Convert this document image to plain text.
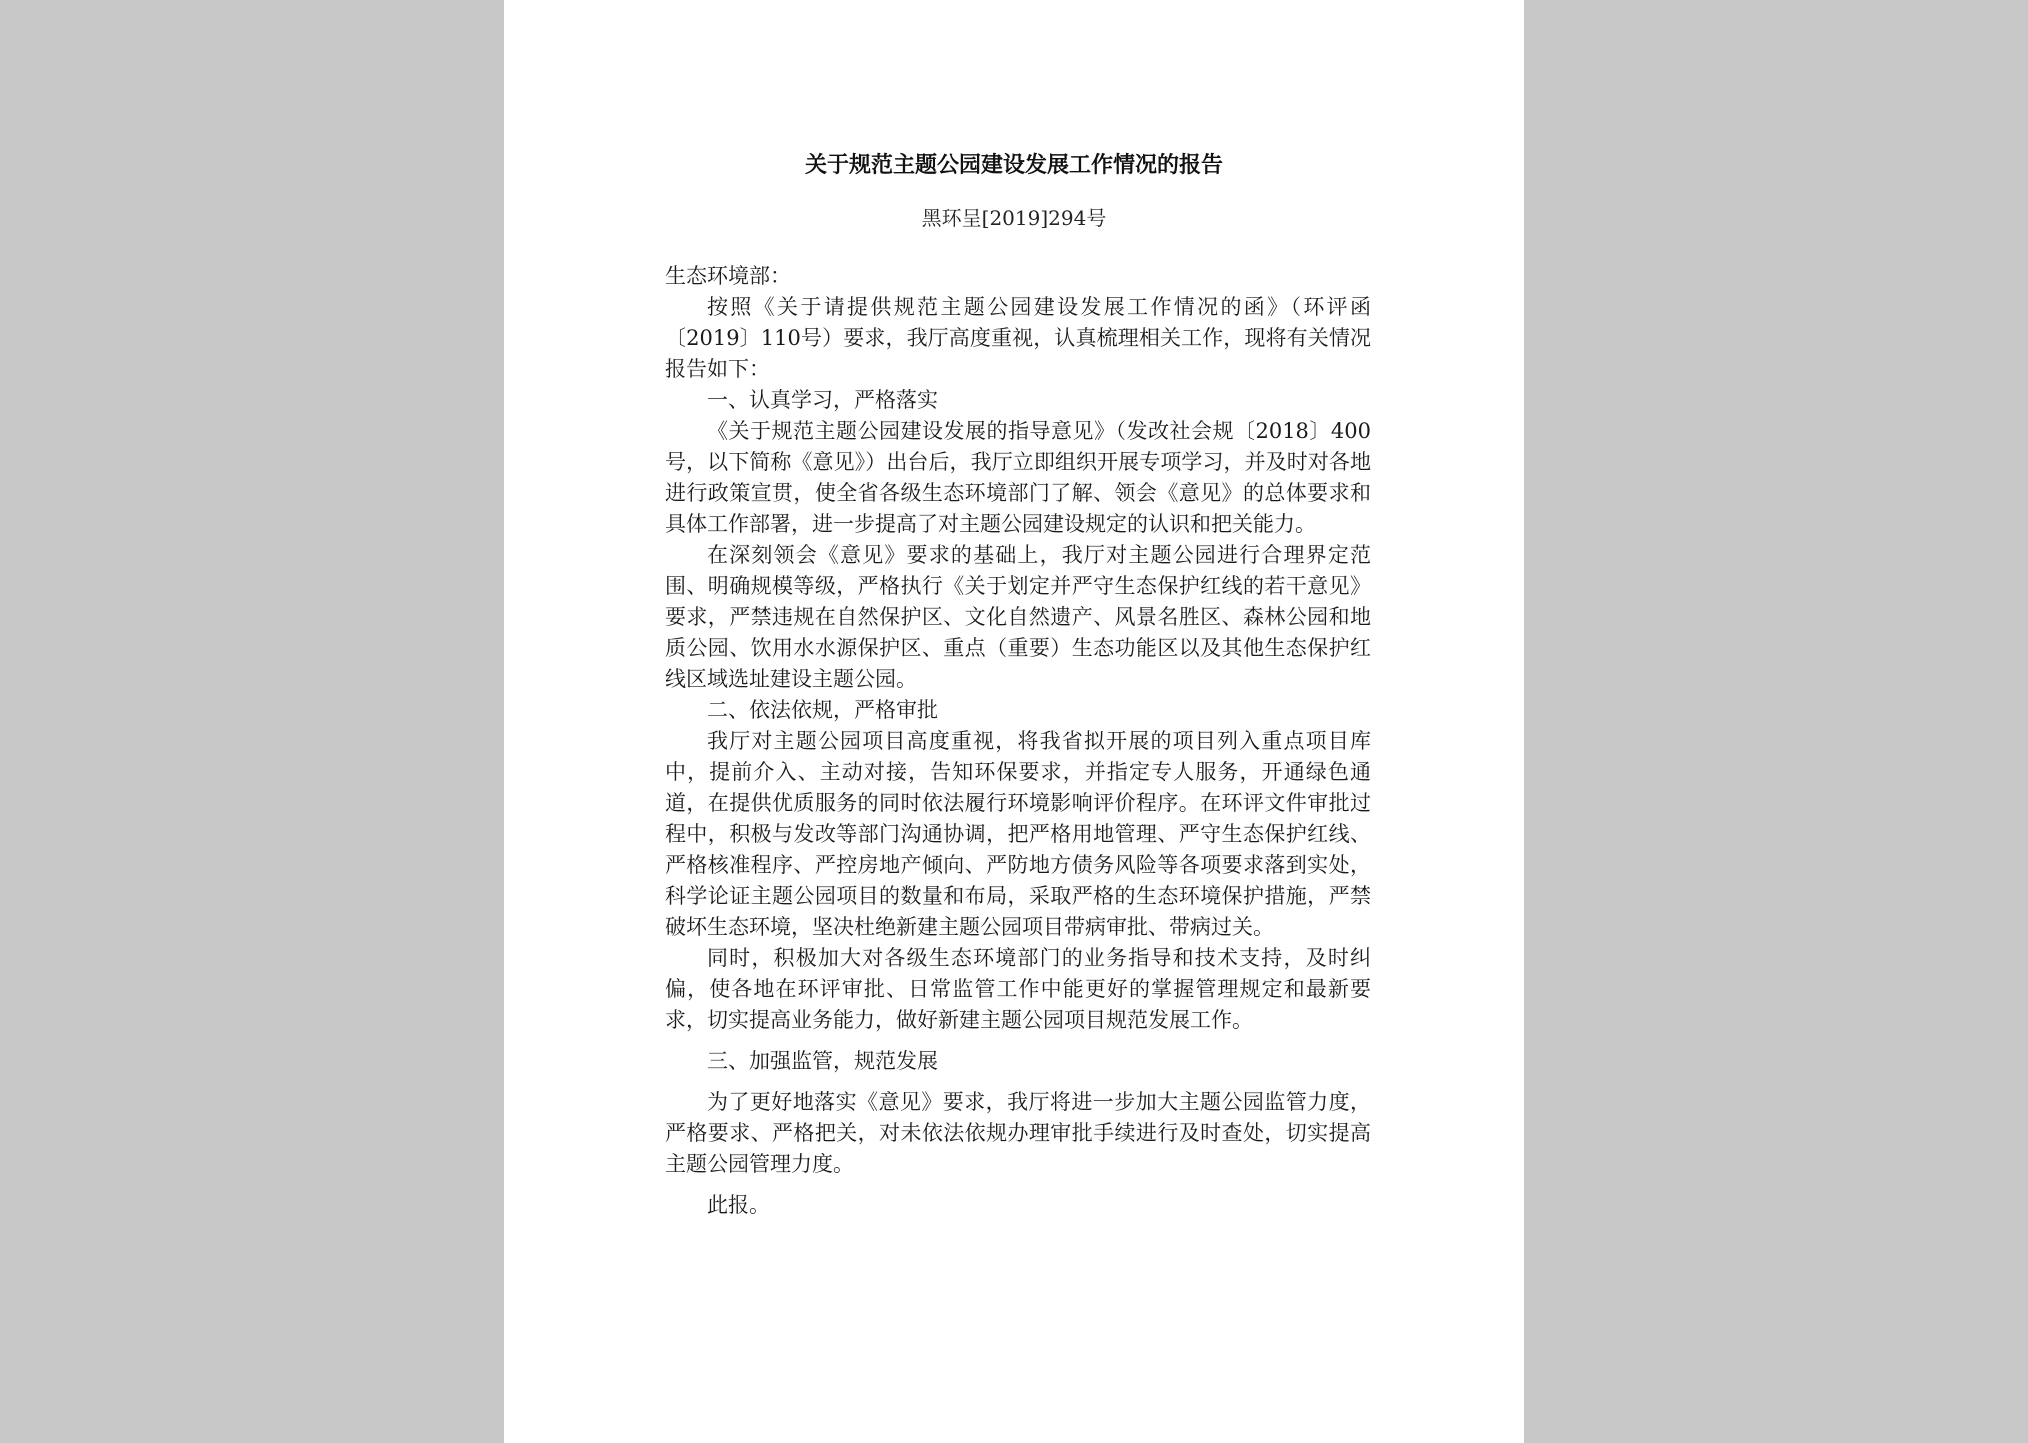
关于规范主题公园建设发展工作情况的报告
黑环呈[2019]294号

生态环境部：

按照《关于请提供规范主题公园建设发展工作情况的函》（环评函〔2019〕110号）要求，我厅高度重视，认真梳理相关工作，现将有关情况报告如下：

一、认真学习，严格落实

《关于规范主题公园建设发展的指导意见》（发改社会规〔2018〕400号，以下简称《意见》）出台后，我厅立即组织开展专项学习，并及时对各地进行政策宣贯，使全省各级生态环境部门了解、领会《意见》的总体要求和具体工作部署，进一步提高了对主题公园建设规定的认识和把关能力。

在深刻领会《意见》要求的基础上，我厅对主题公园进行合理界定范围、明确规模等级，严格执行《关于划定并严守生态保护红线的若干意见》要求，严禁违规在自然保护区、文化自然遗产、风景名胜区、森林公园和地质公园、饮用水水源保护区、重点（重要）生态功能区以及其他生态保护红线区域选址建设主题公园。

二、依法依规，严格审批

我厅对主题公园项目高度重视，将我省拟开展的项目列入重点项目库中，提前介入、主动对接，告知环保要求，并指定专人服务，开通绿色通道，在提供优质服务的同时依法履行环境影响评价程序。在环评文件审批过程中，积极与发改等部门沟通协调，把严格用地管理、严守生态保护红线、严格核准程序、严控房地产倾向、严防地方债务风险等各项要求落到实处，科学论证主题公园项目的数量和布局，采取严格的生态环境保护措施，严禁破坏生态环境，坚决杜绝新建主题公园项目带病审批、带病过关。

同时，积极加大对各级生态环境部门的业务指导和技术支持，及时纠偏，使各地在环评审批、日常监管工作中能更好的掌握管理规定和最新要求，切实提高业务能力，做好新建主题公园项目规范发展工作。

三、加强监管，规范发展

为了更好地落实《意见》要求，我厅将进一步加大主题公园监管力度，严格要求、严格把关，对未依法依规办理审批手续进行及时查处，切实提高主题公园管理力度。

此报。
